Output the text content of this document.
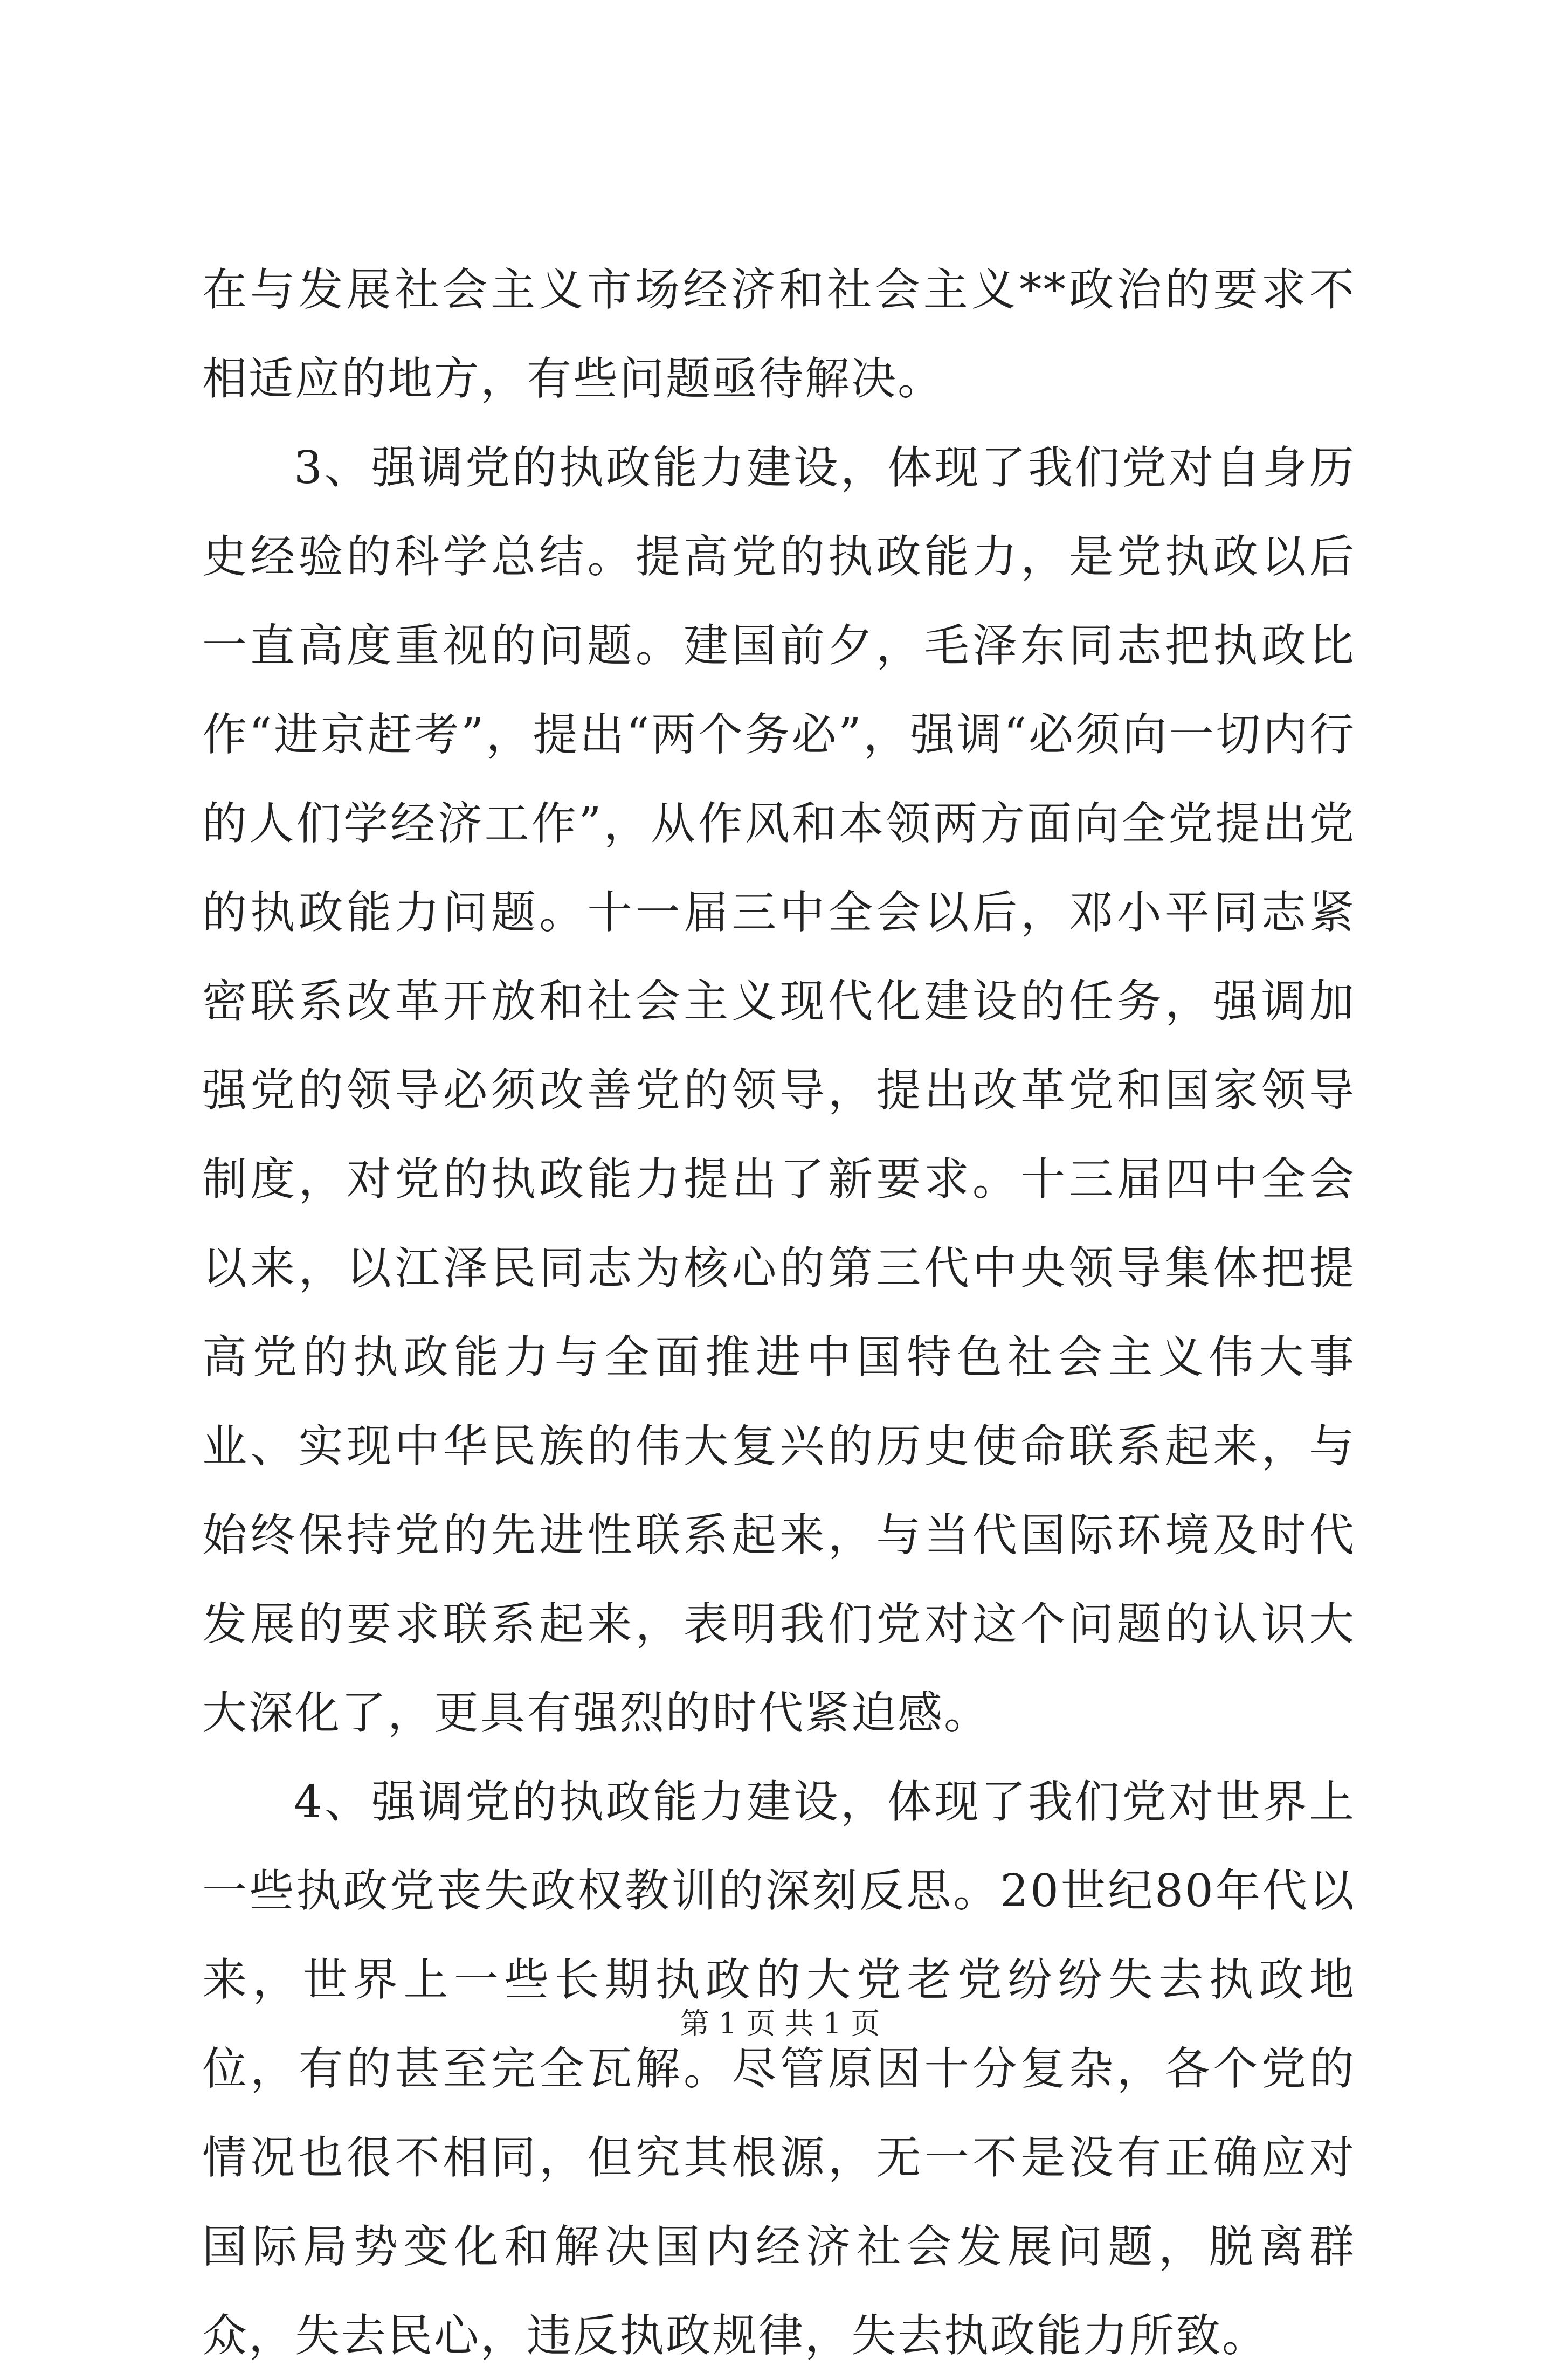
在与发展社会主义市场经济和社会主义**政治的要求不相适应的地方，有些问题亟待解决。

3、强调党的执政能力建设，体现了我们党对自身历史经验的科学总结。提高党的执政能力，是党执政以后一直高度重视的问题。建国前夕，毛泽东同志把执政比作“进京赶考”，提出“两个务必”，强调“必须向一切内行的人们学经济工作”，从作风和本领两方面向全党提出党的执政能力问题。十一届三中全会以后，邓小平同志紧密联系改革开放和社会主义现代化建设的任务，强调加强党的领导必须改善党的领导，提出改革党和国家领导制度，对党的执政能力提出了新要求。十三届四中全会以来，以江泽民同志为核心的第三代中央领导集体把提高党的执政能力与全面推进中国特色社会主义伟大事业、实现中华民族的伟大复兴的历史使命联系起来，与始终保持党的先进性联系起来，与当代国际环境及时代发展的要求联系起来，表明我们党对这个问题的认识大大深化了，更具有强烈的时代紧迫感。

4、强调党的执政能力建设，体现了我们党对世界上一些执政党丧失政权教训的深刻反思。20世纪80年代以来，世界上一些长期执政的大党老党纷纷失去执政地位，有的甚至完全瓦解。尽管原因十分复杂，各个党的情况也很不相同，但究其根源，无一不是没有正确应对国际局势变化和解决国内经济社会发展问题，脱离群众，失去民心，违反执政规律，失去执政能力所致。

第 1 页 共 1 页
